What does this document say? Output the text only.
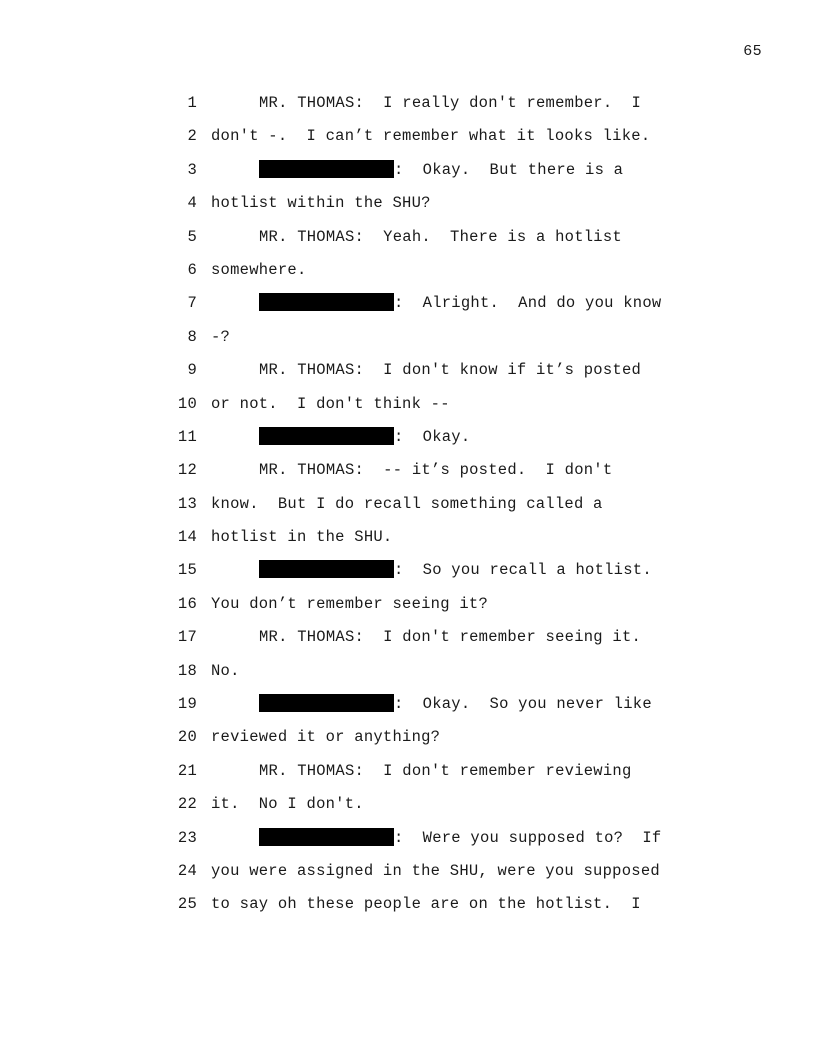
65
1	MR. THOMAS:  I really don't remember.  I
2 don't -.  I can’t remember what it looks like.
3	:  Okay.  But there is a
4 hotlist within the SHU?
5	MR. THOMAS:  Yeah.  There is a hotlist
6 somewhere.
7	:  Alright.  And do you know
8 -?
9	MR. THOMAS:  I don't know if it’s posted
10 or not.  I don't think --
11	:  Okay.
12	MR. THOMAS:  -- it’s posted.  I don't
13 know.  But I do recall something called a
14 hotlist in the SHU.
15	:  So you recall a hotlist.
16 You don’t remember seeing it?
17	MR. THOMAS:  I don't remember seeing it.
18 No.
19	:  Okay.  So you never like
20 reviewed it or anything?
21	MR. THOMAS:  I don't remember reviewing
22 it.  No I don't.
23	:  Were you supposed to?  If
24 you were assigned in the SHU, were you supposed
25 to say oh these people are on the hotlist.  I
